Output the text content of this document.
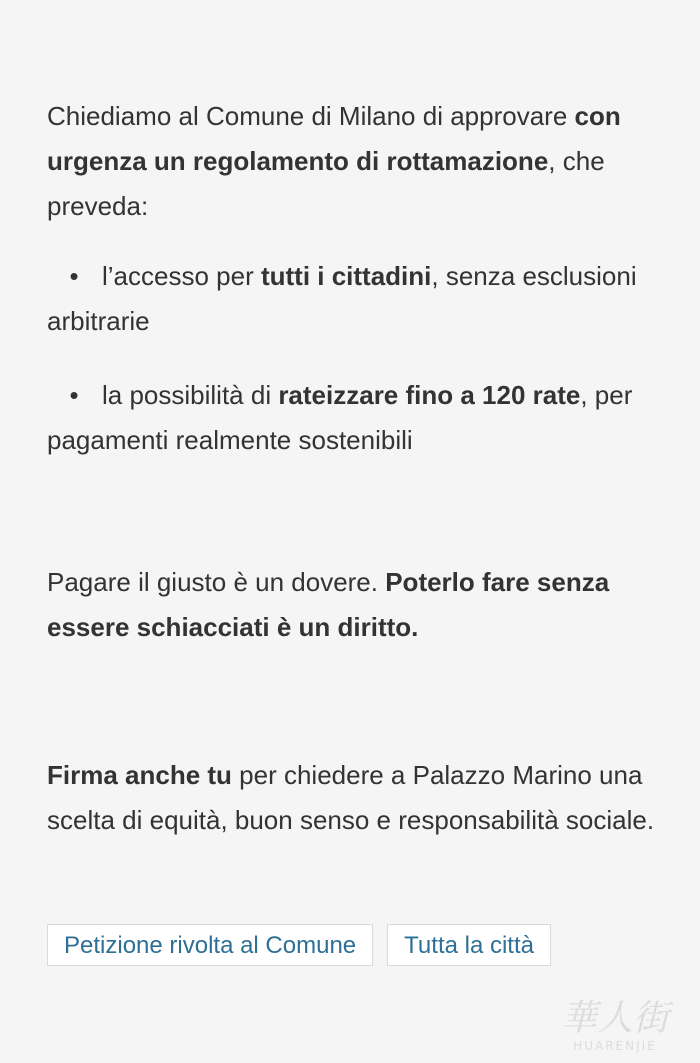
Chiediamo al Comune di Milano di approvare con urgenza un regolamento di rottamazione, che preveda:

• l’accesso per tutti i cittadini, senza esclusioni arbitrarie
• la possibilità di rateizzare fino a 120 rate, per pagamenti realmente sostenibili

Pagare il giusto è un dovere. Poterlo fare senza essere schiacciati è un diritto.

Firma anche tu per chiedere a Palazzo Marino una scelta di equità, buon senso e responsabilità sociale.

Petizione rivolta al Comune	Tutta la città
華人街
HUARENJIE
